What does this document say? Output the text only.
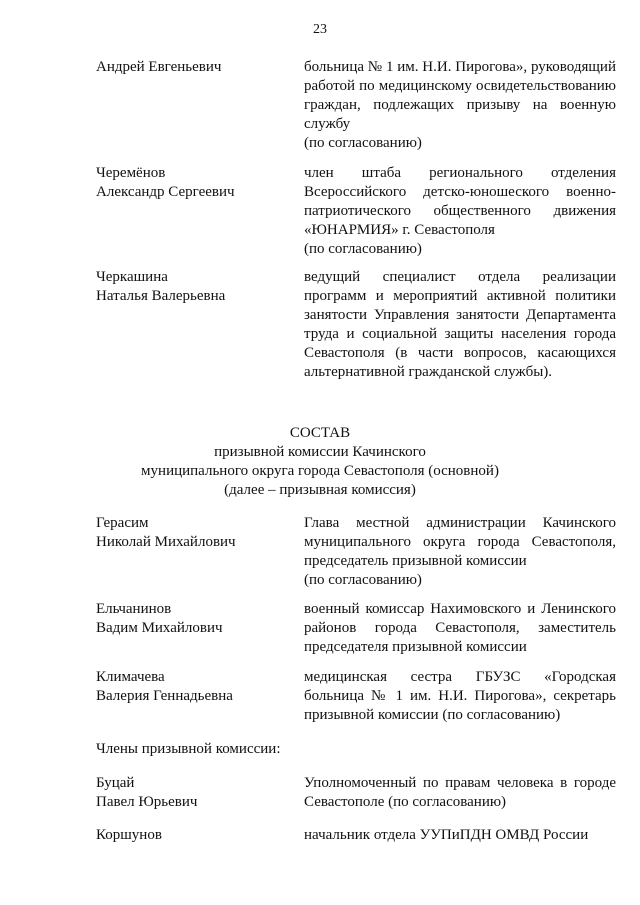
23
Андрей Евгеньевич	больница № 1 им. Н.И. Пирогова», руководящий работой по медицинскому освидетельствованию граждан, подлежащих призыву на военную службу
(по согласованию)
Черемёнов
Александр Сергеевич
член штаба регионального отделения Всероссийского детско-юношеского военно-патриотического общественного движения «ЮНАРМИЯ» г. Севастополя
(по согласованию)
Черкашина
Наталья Валерьевна
ведущий специалист отдела реализации программ и мероприятий активной политики занятости Управления занятости Департамента труда и социальной защиты населения города Севастополя (в части вопросов, касающихся альтернативной гражданской службы).
СОСТАВ
призывной комиссии Качинского
муниципального округа города Севастополя (основной)
(далее – призывная комиссия)
Герасим
Николай Михайлович
Глава местной администрации Качинского муниципального округа города Севастополя, председатель призывной комиссии
(по согласованию)
Ельчанинов
Вадим Михайлович
военный комиссар Нахимовского и Ленинского районов города Севастополя, заместитель председателя призывной комиссии
Климачева
Валерия Геннадьевна
медицинская сестра ГБУЗС «Городская больница № 1 им. Н.И. Пирогова», секретарь призывной комиссии (по согласованию)
Члены призывной комиссии:
Буцай
Павел Юрьевич
Уполномоченный по правам человека в городе Севастополе (по согласованию)
Коршунов	начальник отдела УУПиПДН ОМВД России
